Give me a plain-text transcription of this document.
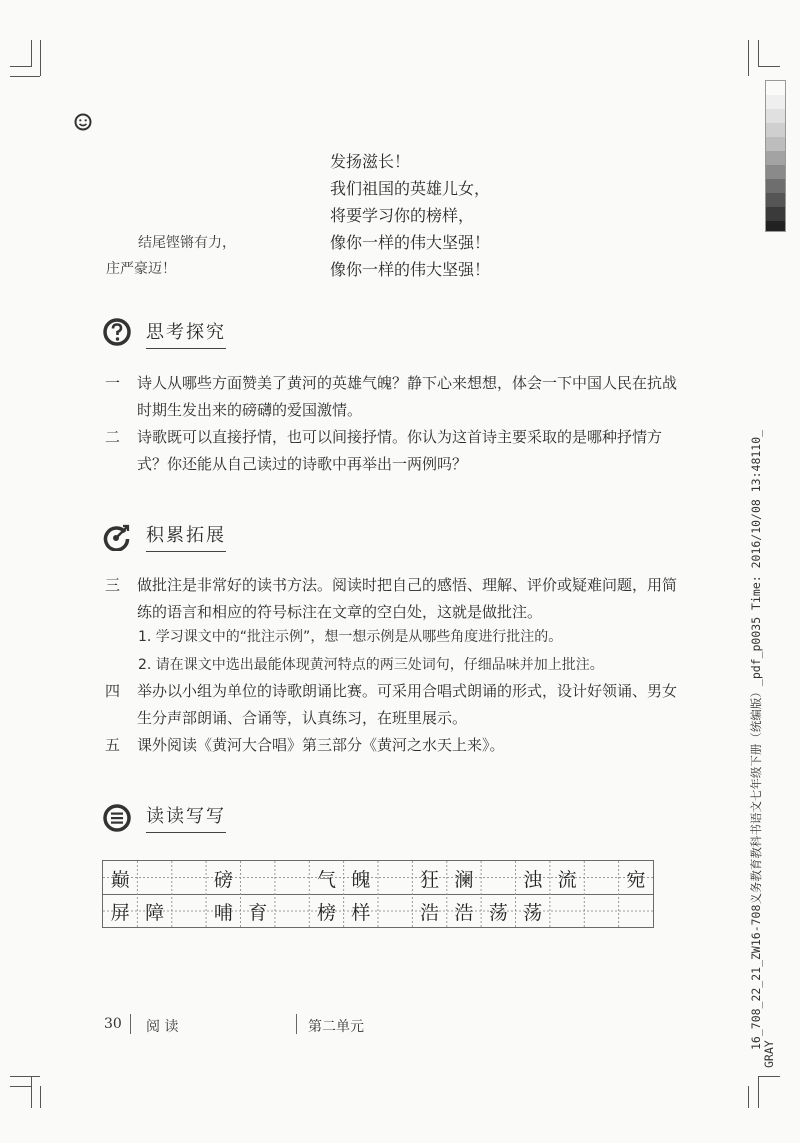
发扬滋长！
我们祖国的英雄儿女，
将要学习你的榜样，
像你一样的伟大坚强！
像你一样的伟大坚强！
结尾铿锵有力，
庄严豪迈！
思考探究
一 诗人从哪些方面赞美了黄河的英雄气魄？静下心来想想，体会一下中国人民在抗战时期生发出来的磅礴的爱国激情。
二 诗歌既可以直接抒情，也可以间接抒情。你认为这首诗主要采取的是哪种抒情方式？你还能从自己读过的诗歌中再举出一两例吗？
积累拓展
三 做批注是非常好的读书方法。阅读时把自己的感悟、理解、评价或疑难问题，用简练的语言和相应的符号标注在文章的空白处，这就是做批注。
1. 学习课文中的“批注示例”，想一想示例是从哪些角度进行批注的。
2. 请在课文中选出最能体现黄河特点的两三处词句，仔细品味并加上批注。
四 举办以小组为单位的诗歌朗诵比赛。可采用合唱式朗诵的形式，设计好领诵、男女生分声部朗诵、合诵等，认真练习，在班里展示。
五 课外阅读《黄河大合唱》第三部分《黄河之水天上来》。
读读写写
巅	磅	气 魄	狂 澜	浊 流	宛
屏 障	哺 育	榜 样	浩 浩 荡 荡
30 阅 读	第二单元	16_708_22_21_ZW16-708义务教育教科书语文七年级下册（统编版）_pdf_p0035 Time: 2016/10/08 13:48110_
GRAY
